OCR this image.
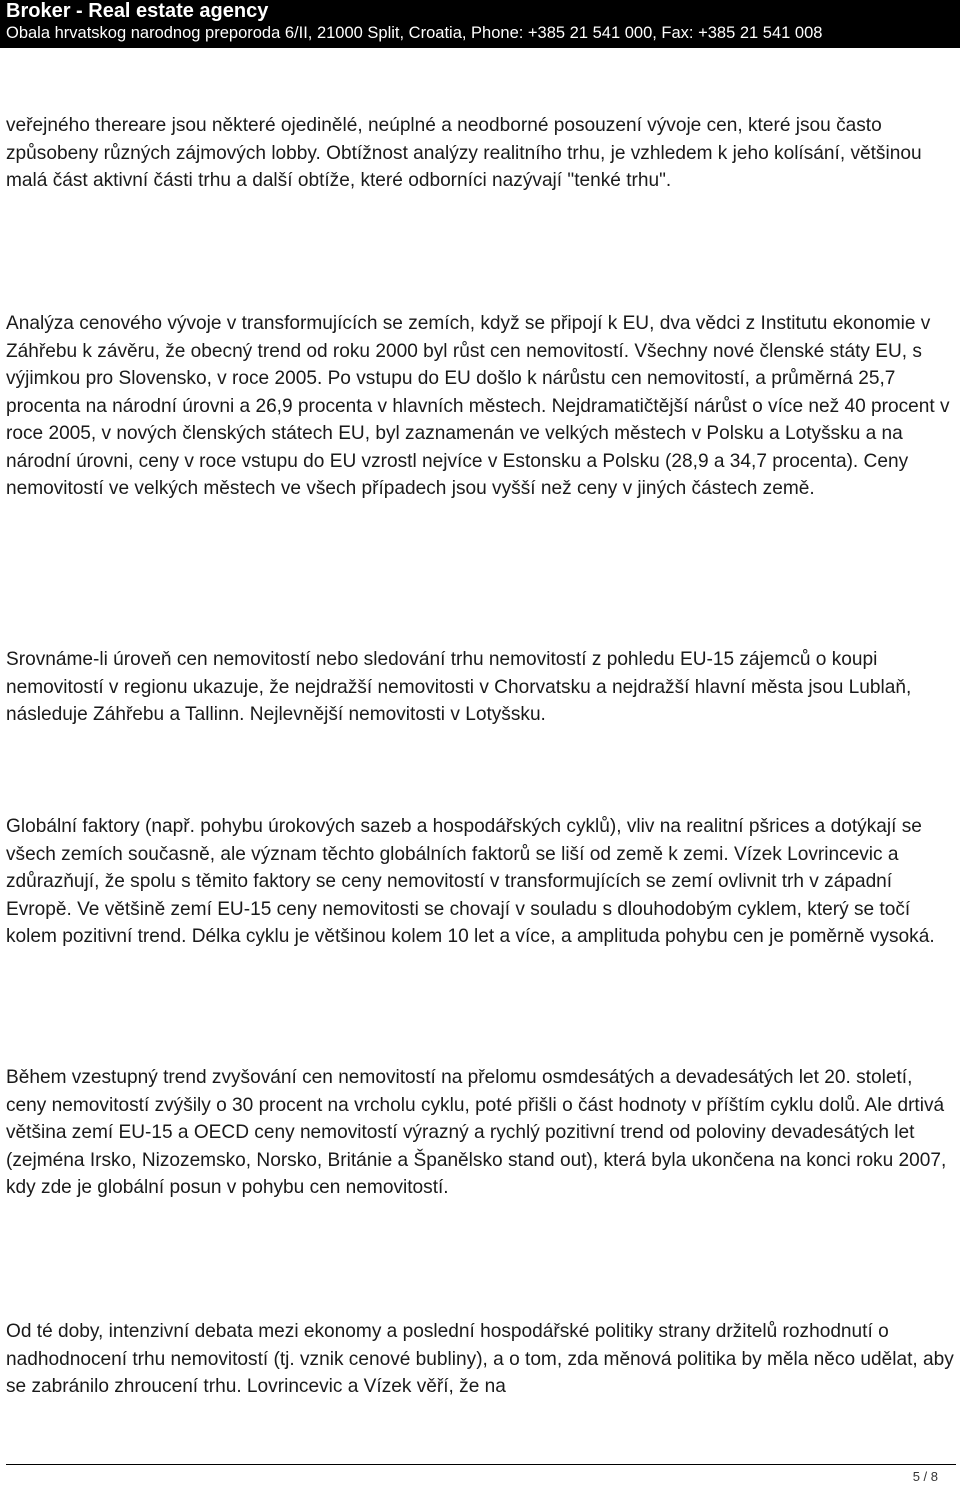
Broker - Real estate agency
Obala hrvatskog narodnog preporoda 6/II, 21000 Split, Croatia, Phone: +385 21 541 000, Fax: +385 21 541 008

veřejného thereare jsou některé ojedinělé, neúplné a neodborné posouzení vývoje cen, které jsou často způsobeny různých zájmových lobby. Obtížnost analýzy realitního trhu, je vzhledem k jeho kolísání, většinou malá část aktivní části trhu a další obtíže, které odborníci nazývají "tenké trhu".

Analýza cenového vývoje v transformujících se zemích, když se připojí k EU, dva vědci z Institutu ekonomie v Záhřebu k závěru, že obecný trend od roku 2000 byl růst cen nemovitostí. Všechny nové členské státy EU, s výjimkou pro Slovensko, v roce 2005. Po vstupu do EU došlo k nárůstu cen nemovitostí, a průměrná 25,7 procenta na národní úrovni a 26,9 procenta v hlavních městech. Nejdramatičtější nárůst o více než 40 procent v roce 2005, v nových členských státech EU, byl zaznamenán ve velkých městech v Polsku a Lotyšsku a na národní úrovni, ceny v roce vstupu do EU vzrostl nejvíce v Estonsku a Polsku (28,9 a 34,7 procenta). Ceny nemovitostí ve velkých městech ve všech případech jsou vyšší než ceny v jiných částech země.

Srovnáme-li úroveň cen nemovitostí nebo sledování trhu nemovitostí z pohledu EU-15 zájemců o koupi nemovitostí v regionu ukazuje, že nejdražší nemovitosti v Chorvatsku a nejdražší hlavní města jsou Lublaň, následuje Záhřebu a Tallinn. Nejlevnější nemovitosti v Lotyšsku.

Globální faktory (např. pohybu úrokových sazeb a hospodářských cyklů), vliv na realitní pšrices a dotýkají se všech zemích současně, ale význam těchto globálních faktorů se liší od země k zemi. Vízek Lovrincevic a zdůrazňují, že spolu s těmito faktory se ceny nemovitostí v transformujících se zemí ovlivnit trh v západní Evropě. Ve většině zemí EU-15 ceny nemovitosti se chovají v souladu s dlouhodobým cyklem, který se točí kolem pozitivní trend. Délka cyklu je většinou kolem 10 let a více, a amplituda pohybu cen je poměrně vysoká.

Během vzestupný trend zvyšování cen nemovitostí na přelomu osmdesátých a devadesátých let 20. století, ceny nemovitostí zvýšily o 30 procent na vrcholu cyklu, poté přišli o část hodnoty v příštím cyklu dolů. Ale drtivá většina zemí EU-15 a OECD ceny nemovitostí výrazný a rychlý pozitivní trend od poloviny devadesátých let (zejména Irsko, Nizozemsko, Norsko, Británie a Španělsko stand out), která byla ukončena na konci roku 2007, kdy zde je globální posun v pohybu cen nemovitostí.

Od té doby, intenzivní debata mezi ekonomy a poslední hospodářské politiky strany držitelů rozhodnutí o nadhodnocení trhu nemovitostí (tj. vznik cenové bubliny), a o tom, zda měnová politika by měla něco udělat, aby se zabránilo zhroucení trhu. Lovrincevic a Vízek věří, že na

5 / 8
